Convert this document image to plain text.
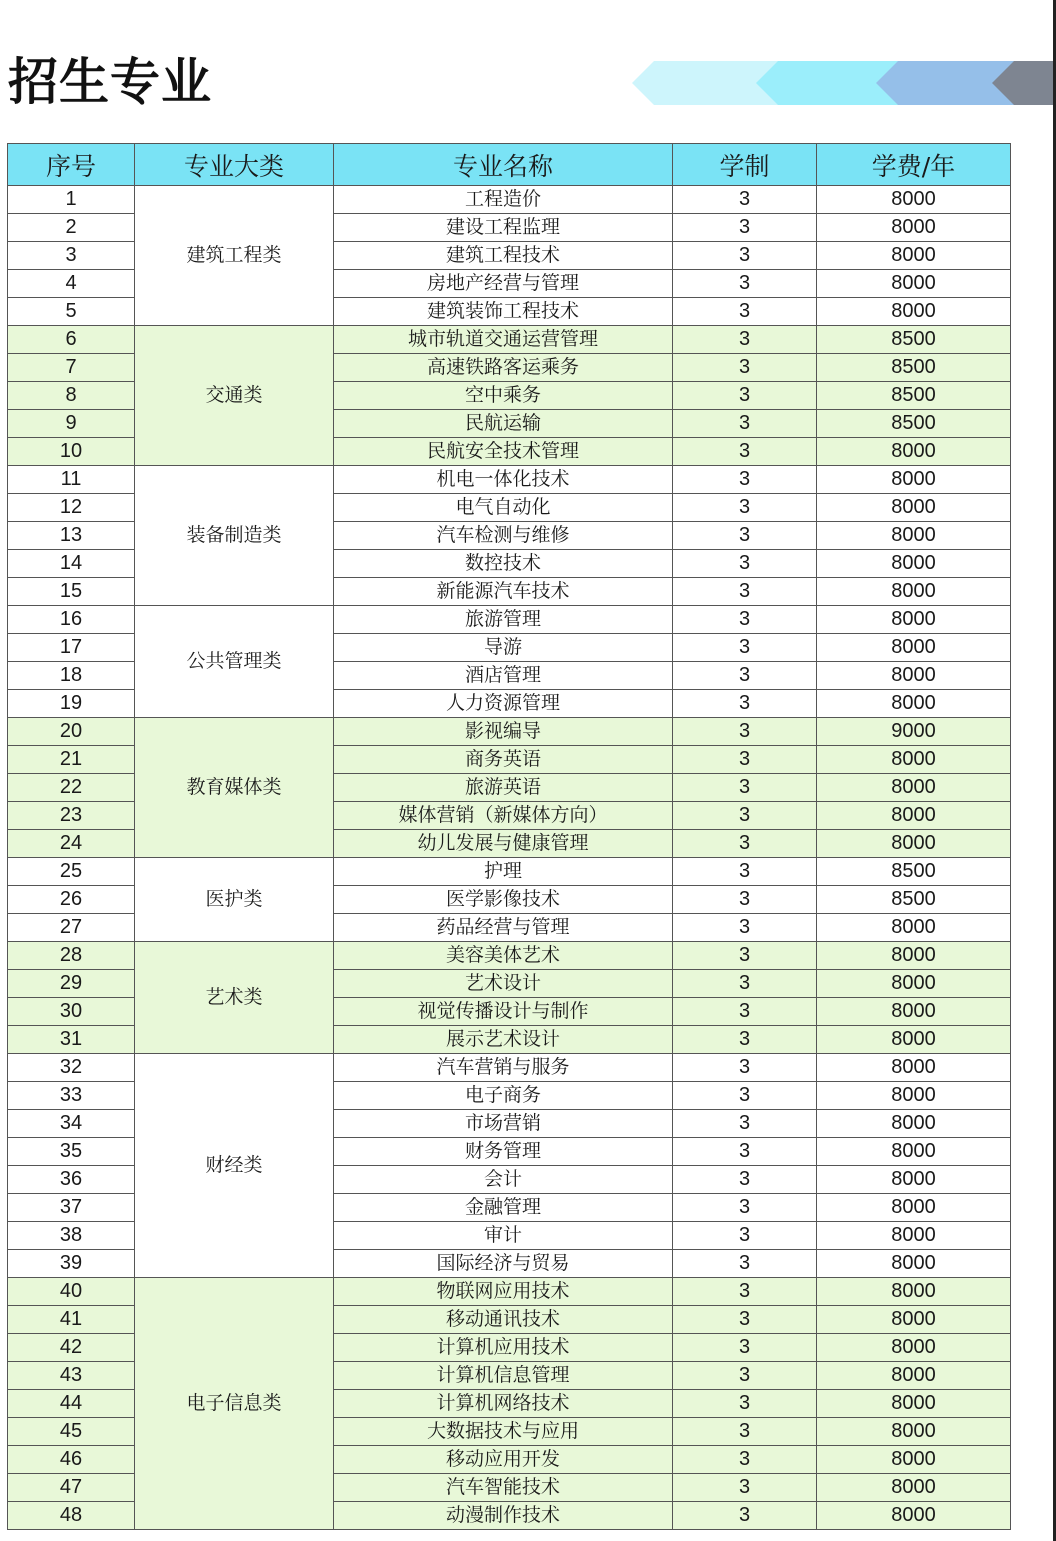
招生专业
序号	专业大类	专业名称	学制	学费/年
1	建筑工程类	工程造价	3	8000
2		建设工程监理	3	8000
3		建筑工程技术	3	8000
4		房地产经营与管理	3	8000
5		建筑装饰工程技术	3	8000
6	交通类	城市轨道交通运营管理	3	8500
7		高速铁路客运乘务	3	8500
8		空中乘务	3	8500
9		民航运输	3	8500
10		民航安全技术管理	3	8000
11	装备制造类	机电一体化技术	3	8000
12		电气自动化	3	8000
13		汽车检测与维修	3	8000
14		数控技术	3	8000
15		新能源汽车技术	3	8000
16	公共管理类	旅游管理	3	8000
17		导游	3	8000
18		酒店管理	3	8000
19		人力资源管理	3	8000
20	教育媒体类	影视编导	3	9000
21		商务英语	3	8000
22		旅游英语	3	8000
23		媒体营销（新媒体方向）	3	8000
24		幼儿发展与健康管理	3	8000
25	医护类	护理	3	8500
26		医学影像技术	3	8500
27		药品经营与管理	3	8000
28	艺术类	美容美体艺术	3	8000
29		艺术设计	3	8000
30		视觉传播设计与制作	3	8000
31		展示艺术设计	3	8000
32	财经类	汽车营销与服务	3	8000
33		电子商务	3	8000
34		市场营销	3	8000
35		财务管理	3	8000
36		会计	3	8000
37		金融管理	3	8000
38		审计	3	8000
39		国际经济与贸易	3	8000
40	电子信息类	物联网应用技术	3	8000
41		移动通讯技术	3	8000
42		计算机应用技术	3	8000
43		计算机信息管理	3	8000
44		计算机网络技术	3	8000
45		大数据技术与应用	3	8000
46		移动应用开发	3	8000
47		汽车智能技术	3	8000
48		动漫制作技术	3	8000
